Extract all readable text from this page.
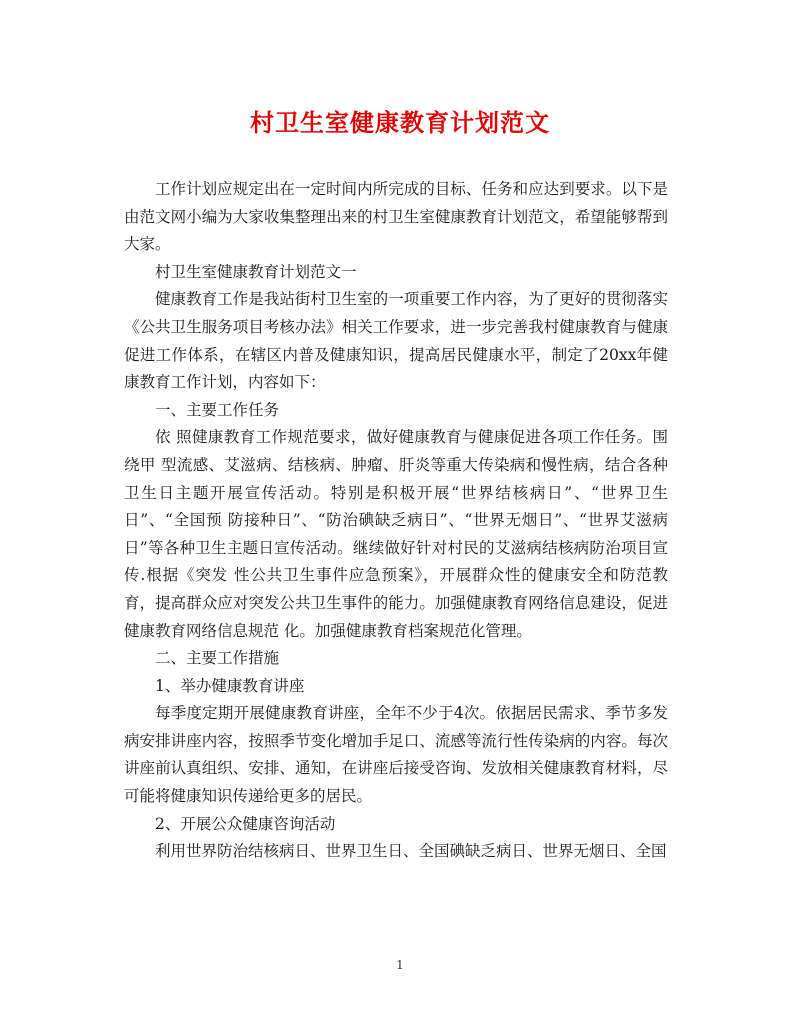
村卫生室健康教育计划范文

工作计划应规定出在一定时间内所完成的目标、任务和应达到要求。以下是由范文网小编为大家收集整理出来的村卫生室健康教育计划范文，希望能够帮到大家。

村卫生室健康教育计划范文一

健康教育工作是我站街村卫生室的一项重要工作内容，为了更好的贯彻落实《公共卫生服务项目考核办法》相关工作要求，进一步完善我村健康教育与健康促进工作体系，在辖区内普及健康知识，提高居民健康水平，制定了20xx年健康教育工作计划，内容如下：

一、主要工作任务

依 照健康教育工作规范要求，做好健康教育与健康促进各项工作任务。围绕甲 型流感、艾滋病、结核病、肿瘤、肝炎等重大传染病和慢性病，结合各种卫生日主题开展宣传活动。特别是积极开展“世界结核病日”、“世界卫生日”、“全国预 防接种日”、“防治碘缺乏病日”、“世界无烟日”、“世界艾滋病日”等各种卫生主题日宣传活动。继续做好针对村民的艾滋病结核病防治项目宣传.根据《突发 性公共卫生事件应急预案》，开展群众性的健康安全和防范教育，提高群众应对突发公共卫生事件的能力。加强健康教育网络信息建设，促进健康教育网络信息规范 化。加强健康教育档案规范化管理。

二、主要工作措施

1、举办健康教育讲座

每季度定期开展健康教育讲座，全年不少于4次。依据居民需求、季节多发病安排讲座内容，按照季节变化增加手足口、流感等流行性传染病的内容。每次讲座前认真组织、安排、通知，在讲座后接受咨询、发放相关健康教育材料，尽可能将健康知识传递给更多的居民。

2、开展公众健康咨询活动

利用世界防治结核病日、世界卫生日、全国碘缺乏病日、世界无烟日、全国

1
